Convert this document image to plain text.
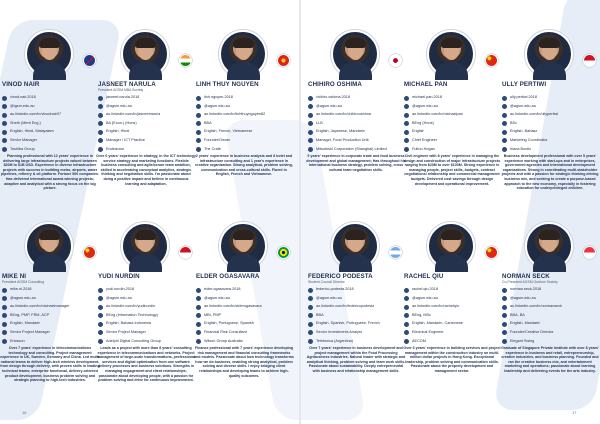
VINOD NAIR
vinod.nair.2018
@lgsm.edu.au
au.linkedin.com/in/vinodnair07
Sheth (Merit Eng.)
English, Hindi, Malayalam
Senior Manager
Toshiba Group
Planning professional with 12 years' experience in delivering large infrastructure projects valued between $20M to $1B USD. Experience in diverse infrastructure projects with success in building metro, airports, water pipelines, refinery & oil platform. Fortune 500 companies. Has delivered international award-winning projects; adaptive and analytical with a strong focus on the big picture.
JASNEET NARULA
President AGSM MBA Society
jasneet.narula.2018
@agsm.edu.au
au.linkedin.com/in/jasneetnarula
BA (Econ.) (Hons)
English, Hindi
Manager / ICT Practice
Endeavour
Over 6 years' experience in strategy, in the ICT technology service strategy and marketing functions. Flexible business consulting and agile/scrum team ambition, skilled in accelerating conceptual analytics, strategic thinking and negotiation skills. I'm passionate about doing a positive impact and believe in continuous learning and adaptation.
LINH THUY NGUYEN
linh.nguyen.2018
@agsm.edu.au
au.linkedin.com/in/linhthuynguyen82
BBA
English, French, Vietnamese
Founder/Owner
The Crafe
2 years' experience in business analysis and 8 hotel and infrastructure consulting and 1 year's experience in creative organization. Strong analytical, problem solving, communication and cross-cultural skills. Fluent in English, French and Vietnamese.
CHIHIRO OSHIMA
chihiro.oshima.2018
@agsm.edu.au
au.linkedin.com/in/chihirooshima
LLB
English, Japanese, Mandarin
Manager, Food Production Unit
Mitsubishi Corporation (Shanghai) Limited
9 years' experience in corporate trade and food business development and global management; Has throughout his international business strategy, problem solving, cross cultural team negotiation skills.
MICHAEL PAN
michael.pan.2018
@agsm.edu.au
au.linkedin.com/in/michaelpan
BEng (Hons)
English
Chief Engineer
Fulton Hogan
Civil engineer with 8 years' experience in managing the design and construction of major infrastructure projects ranging from $20M to over $100M. Strong experience in managing people, project skills, budgets, contract negotiations/ relationship and commercial management budgets. Delivered cost savings through design development and operational improvement.
ULLY PERTIWI
ully.pertiwi.2018
@agsm.edu.au
au.linkedin.com/in/ullypertiwi
BSc
English, Bahasa
Marketing Coordinator
Iriana Bonito
Business development professional with over 5 years' experience working with start-ups and in enterprises, government agencies and international development organizations. Strong in coordinating multi-stakeholder projects and with a passion for strategic thinking driving business mix, and seeking to create a purpose-based approach to the new economy, especially in fostering education for underprivileged children.
MIKE NI
President AGSM Consulting
mike.ni.2018
@agsm.edu.au
au.linkedin.com/in/michaelmanager
BEng, PMP, FRM, ACP
English, Mandarin
Senior Project Manager
Ericsson
Over 7 years' experience in telecommunications technology and consulting. Project management experience in UK, Sweden, Germany and China. Led multi-national teams to deliver high-tech wireless development, from design through delivery, with proven skills in leading technical teams; enterprise functional, delivery-oriented product development, business problem solving and strategic planning to high-tech industries.
YUDI NURDIN
yudi.nurdin.2018
@agsm.edu.au
au.linkedin.com/in/yudinurdin
BEng (Information Technology)
English, Bahasa Indonesia
Senior Project Manager
Adelphi Digital Consulting Group
Leads as a project with more than 8 years' consulting experience in telecommunications and networks. Project management of large-scale transformations, professional services and digital optimization from one software delivery processes and business solutions. Strengths in managing engagement and client relationships; passionate about developing people, with a passion for problem solving and drive for continuous improvement.
ELDER OGASAVARA
elder.ogasavara.2018
@agsm.edu.au
au.linkedin.com/in/elderogasavara
MBI, PMP
English, Portuguese, Spanish
Financial Risk Consultant
Wilson Group Australia
Finance professional with 7 years' experience developing risk management and financial consulting frameworks and models. Passionate about how technology transforms how we do business, enabling strong analytical, problem solving and diverse skills. I enjoy bridging client relationships and developing teams to achieve high-quality outcomes.
FEDERICO PODESTA
Student Council Director
federico.podesta.2018
@agsm.edu.au
au.linkedin.com/in/federicopodesta
BBA
English, Spanish, Portuguese, French
Senior Investments Analyst
Telefonica (Argentina)
Over 7 years' experience in business development and project management within the Food Processing Agribusiness industries. Natural leader with strategic and analytical thinking, problem solving and team work skills. Passionate about sustainability. Deeply entrepreneurial with business and relationship management skills.
RACHEL QIU
rachel.qiu.2018
@agsm.edu.au
au.linkedin.com/in/rachelqiu
BEng, MSc
English, Mandarin, Cantonese
Electrical Engineer
AECOM
Over 6 years' experience in building services and project management within the construction industry on multi-million dollar projects in Hong Kong. Exceptional leadership, problem solving and communication skills. Passionate about the property development and management sector.
NORMAN SECK
Co-President AGSM Outdoor Society
norman.seck.2018
@agsm.edu.au
au.linkedin.com/in/normanseck
BBA, BA
English, Mandarin
Founder/Creative Director
Elegant Swing
Graduate of Singapore Private Institute with over 8 years' experience in business and retail, entrepreneurship, creative industries, and business planning. Founded and ran the creative business mix, and entertainment marketing and operations; passionate about learning leadership and delivering events for the arts industry.
16	17
